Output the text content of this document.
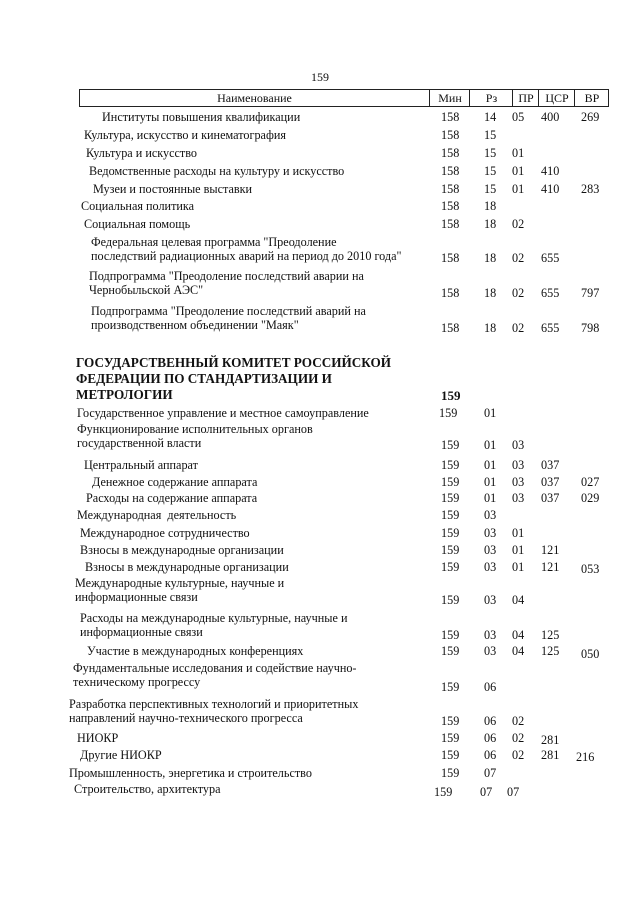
159
Наименование	Мин	Рз	ПР ЦСР	ВР
Институты повышения квалификации	158 14 05 400 269
Культура, искусство и кинематография	158 15
Культура и искусство	158 15 01
Ведомственные расходы на культуру и искусство	158 15 01 410
Музеи и постоянные выставки	158 15 01 410 283
Социальная политика	158 18
Социальная помощь	158 18 02
Федеральная целевая программа "Преодоление
последствий радиационных аварий на период до 2010 года"	158 18 02 655
Подпрограмма "Преодоление последствий аварии на
Чернобыльской АЭС"	158 18 02 655 797
Подпрограмма "Преодоление последствий аварий на
производственном объединении "Маяк"	158 18 02 655 798
ГОСУДАРСТВЕННЫЙ КОМИТЕТ РОССИЙСКОЙ
ФЕДЕРАЦИИ ПО СТАНДАРТИЗАЦИИ И
МЕТРОЛОГИИ	159
Государственное управление и местное самоуправление	159 01
Функционирование исполнительных органов
государственной власти	159 01 03
Центральный аппарат	159 01 03 037
Денежное содержание аппарата	159 01 03 037 027
Расходы на содержание аппарата	159 01 03 037 029
Международная  деятельность	159 03
Международное сотрудничество	159 03 01
Взносы в международные организации	159 03 01 121
Взносы в международные организации	159 03 01 121 053
Международные культурные, научные и
информационные связи	159 03 04
Расходы на международные культурные, научные и
информационные связи	159 03 04 125
Участие в международных конференциях	159 03 04 125 050
Фундаментальные исследования и содействие научно-
техническому прогрессу	159 06
Разработка перспективных технологий и приоритетных
направлений научно-технического прогресса	159 06 02
НИОКР	159 06 02 281
Другие НИОКР	159 06 02 281 216
Промышленность, энергетика и строительство	159 07
Строительство, архитектура	159 07 07
